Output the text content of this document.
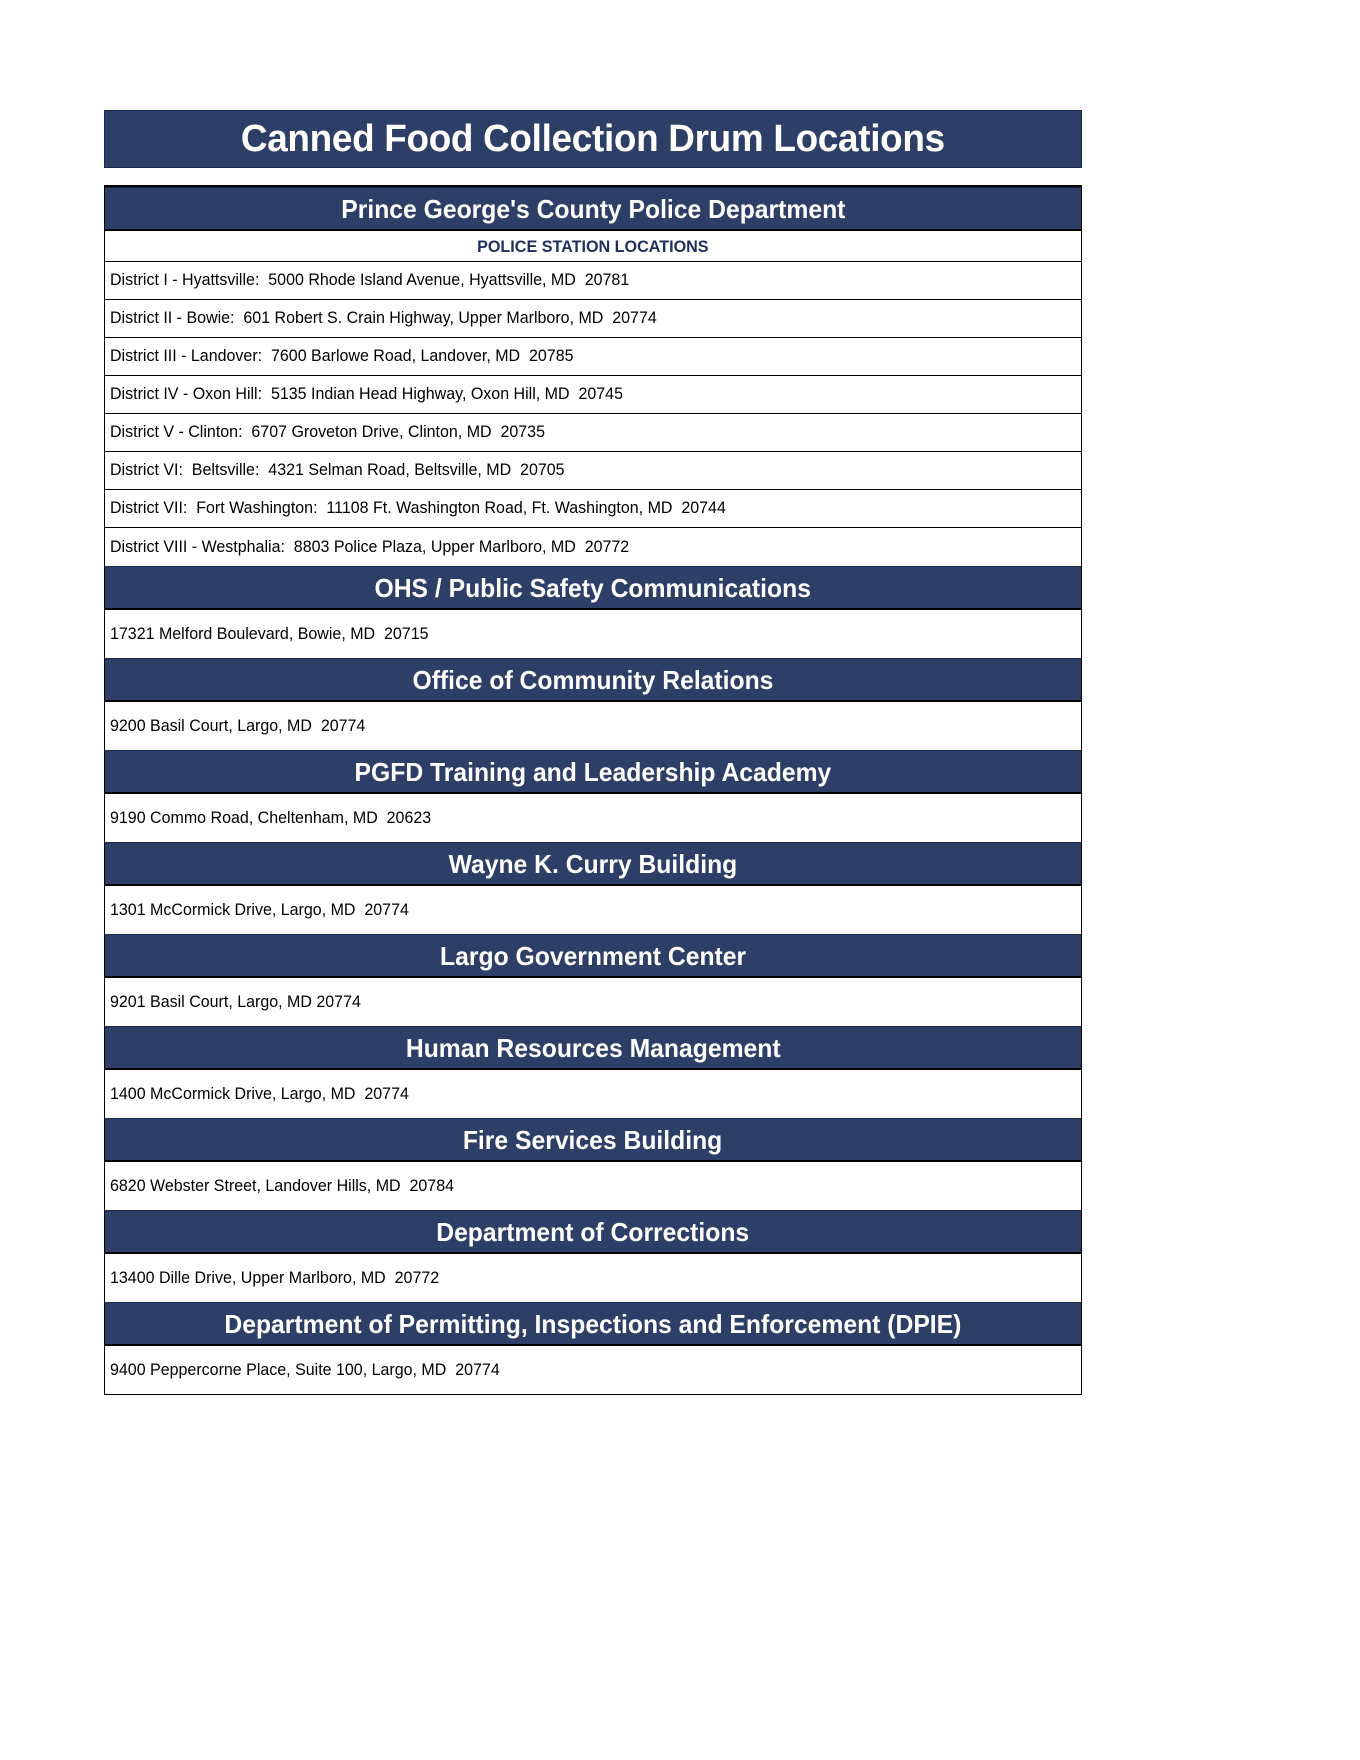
Canned Food Collection Drum Locations
Prince George's County Police Department
POLICE STATION LOCATIONS
District I - Hyattsville:  5000 Rhode Island Avenue, Hyattsville, MD  20781
District II - Bowie:  601 Robert S. Crain Highway, Upper Marlboro, MD  20774
District III - Landover:  7600 Barlowe Road, Landover, MD  20785
District IV - Oxon Hill:  5135 Indian Head Highway, Oxon Hill, MD  20745
District V - Clinton:  6707 Groveton Drive, Clinton, MD  20735
District VI:  Beltsville:  4321 Selman Road, Beltsville, MD  20705
District VII:  Fort Washington:  11108 Ft. Washington Road, Ft. Washington, MD  20744
District VIII - Westphalia:  8803 Police Plaza, Upper Marlboro, MD  20772
OHS / Public Safety Communications
17321 Melford Boulevard, Bowie, MD  20715
Office of Community Relations
9200 Basil Court, Largo, MD  20774
PGFD Training and Leadership Academy
9190 Commo Road, Cheltenham, MD  20623
Wayne K. Curry Building
1301 McCormick Drive, Largo, MD  20774
Largo Government Center
9201 Basil Court, Largo, MD 20774
Human Resources Management
1400 McCormick Drive, Largo, MD  20774
Fire Services Building
6820 Webster Street, Landover Hills, MD  20784
Department of Corrections
13400 Dille Drive, Upper Marlboro, MD  20772
Department of Permitting, Inspections and Enforcement (DPIE)
9400 Peppercorne Place, Suite 100, Largo, MD  20774
